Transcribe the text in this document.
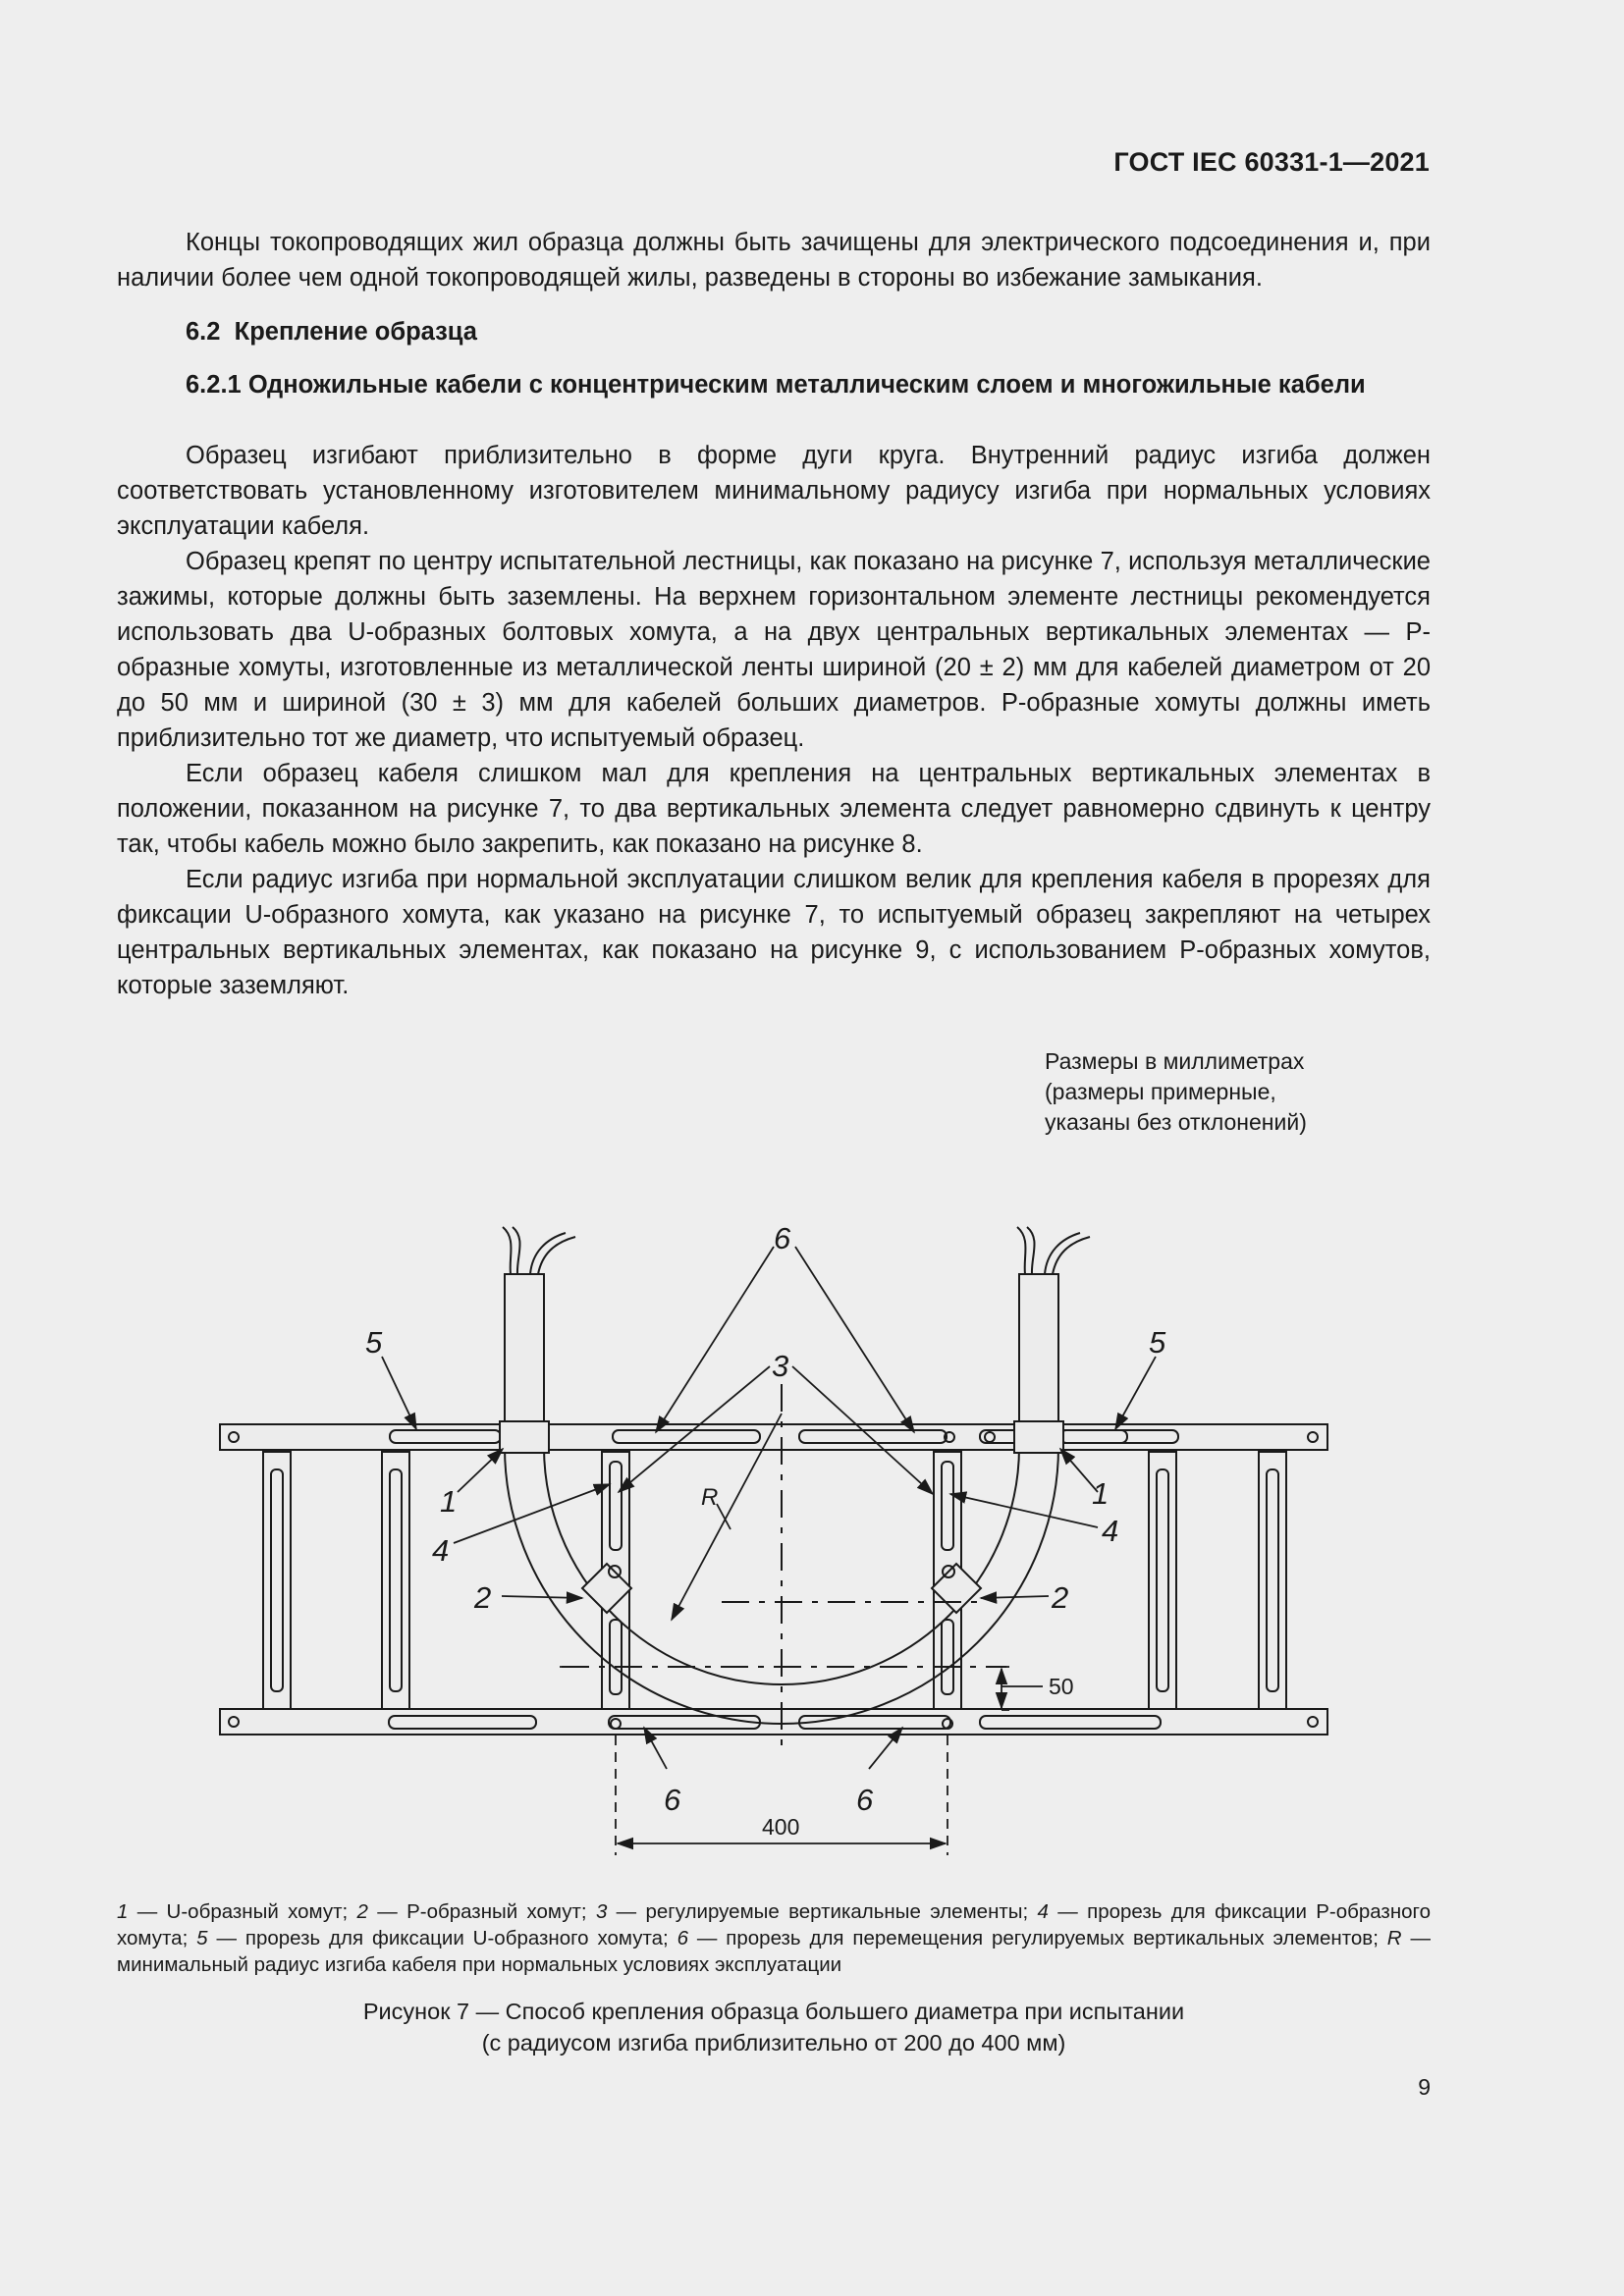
ГОСТ IEC 60331-1—2021

Концы токопроводящих жил образца должны быть зачищены для электрического подсоединения и, при наличии более чем одной токопроводящей жилы, разведены в стороны во избежание замыкания.

6.2 Крепление образца
6.2.1 Одножильные кабели с концентрическим металлическим слоем и многожильные кабели

Образец изгибают приблизительно в форме дуги круга. Внутренний радиус изгиба должен соответствовать установленному изготовителем минимальному радиусу изгиба при нормальных условиях эксплуатации кабеля.

Образец крепят по центру испытательной лестницы, как показано на рисунке 7, используя металлические зажимы, которые должны быть заземлены. На верхнем горизонтальном элементе лестницы рекомендуется использовать два U-образных болтовых хомута, а на двух центральных вертикальных элементах — P-образные хомуты, изготовленные из металлической ленты шириной (20 ± 2) мм для кабелей диаметром от 20 до 50 мм и шириной (30 ± 3) мм для кабелей больших диаметров. P-образные хомуты должны иметь приблизительно тот же диаметр, что испытуемый образец.

Если образец кабеля слишком мал для крепления на центральных вертикальных элементах в положении, показанном на рисунке 7, то два вертикальных элемента следует равномерно сдвинуть к центру так, чтобы кабель можно было закрепить, как показано на рисунке 8.

Если радиус изгиба при нормальной эксплуатации слишком велик для крепления кабеля в прорезях для фиксации U-образного хомута, как указано на рисунке 7, то испытуемый образец закрепляют на четырех центральных вертикальных элементах, как показано на рисунке 9, с использованием P-образных хомутов, которые заземляют.

Размеры в миллиметрах
(размеры примерные,
указаны без отклонений)
6
5	5
3
1	1
4
4
2	2
6	6
R
50
400
1 — U-образный хомут; 2 — P-образный хомут; 3 — регулируемые вертикальные элементы; 4 — прорезь для фиксации P-образного хомута; 5 — прорезь для фиксации U-образного хомута; 6 — прорезь для перемещения регулируемых вертикальных элементов; R — минимальный радиус изгиба кабеля при нормальных условиях эксплуатации
Рисунок 7 — Способ крепления образца большего диаметра при испытании
(с радиусом изгиба приблизительно от 200 до 400 мм)
9
